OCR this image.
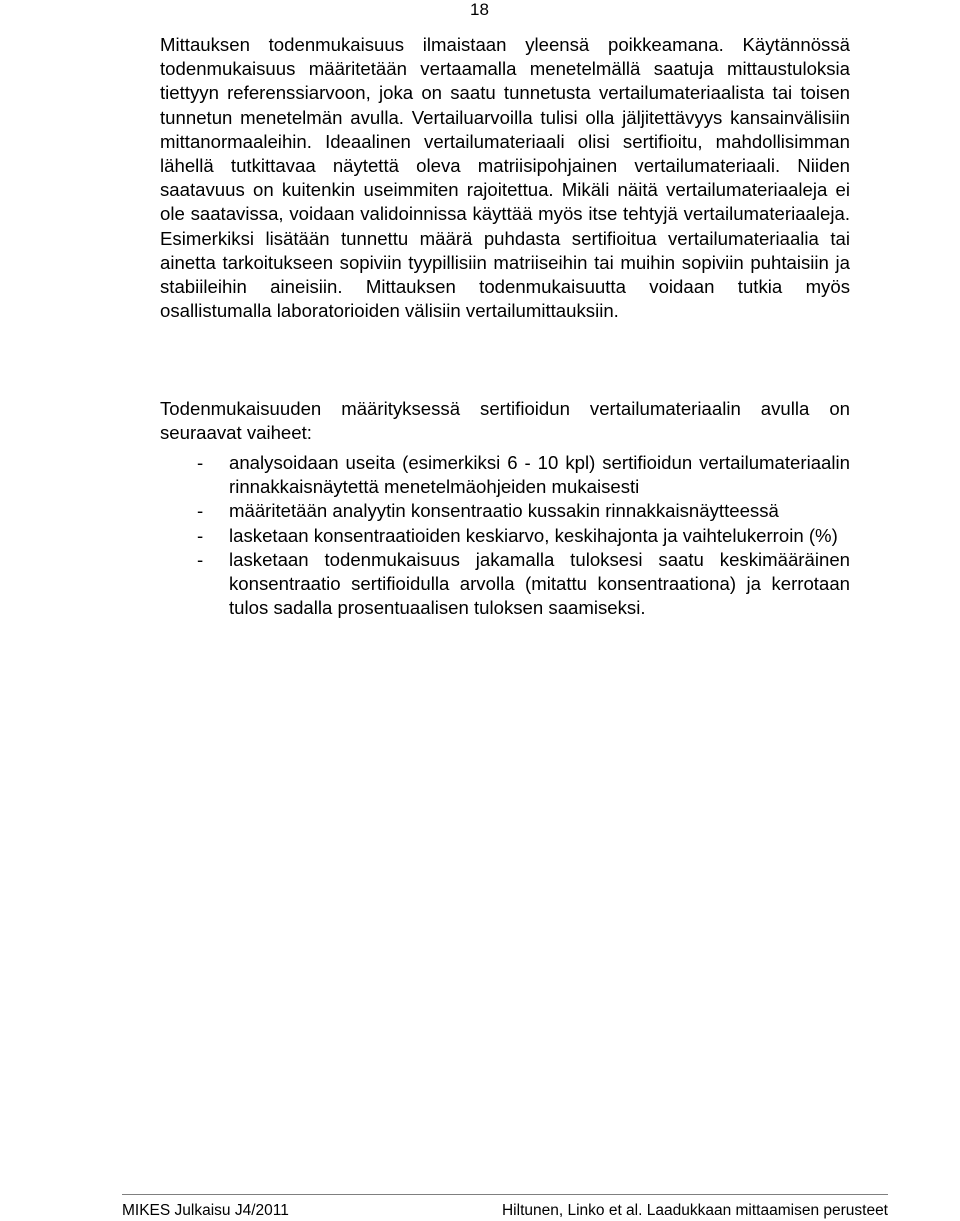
18

Mittauksen todenmukaisuus ilmaistaan yleensä poikkeamana. Käytännössä todenmukaisuus määritetään vertaamalla menetelmällä saatuja mittaustuloksia tiettyyn referenssiarvoon, joka on saatu tunnetusta vertailumateriaalista tai toisen tunnetun menetelmän avulla. Vertailuarvoilla tulisi olla jäljitettävyys kansainvälisiin mittanormaaleihin. Ideaalinen vertailumateriaali olisi sertifioitu, mahdollisimman lähellä tutkittavaa näytettä oleva matriisipohjainen vertailumateriaali. Niiden saatavuus on kuitenkin useimmiten rajoitettua. Mikäli näitä vertailumateriaaleja ei ole saatavissa, voidaan validoinnissa käyttää myös itse tehtyjä vertailumateriaaleja. Esimerkiksi lisätään tunnettu määrä puhdasta sertifioitua vertailumateriaalia tai ainetta tarkoitukseen sopiviin tyypillisiin matriiseihin tai muihin sopiviin puhtaisiin ja stabiileihin aineisiin. Mittauksen todenmukaisuutta voidaan tutkia myös osallistumalla laboratorioiden välisiin vertailumittauksiin.

Todenmukaisuuden määrityksessä sertifioidun vertailumateriaalin avulla on seuraavat vaiheet:

- analysoidaan useita (esimerkiksi 6 - 10 kpl) sertifioidun vertailumateriaalin rinnakkaisnäytettä menetelmäohjeiden mukaisesti
- määritetään analyytin konsentraatio kussakin rinnakkaisnäytteessä
- lasketaan konsentraatioiden keskiarvo, keskihajonta ja vaihtelukerroin (%)
- lasketaan todenmukaisuus jakamalla tuloksesi saatu keskimääräinen konsentraatio sertifioidulla arvolla (mitattu konsentraationa) ja kerrotaan tulos sadalla prosentuaalisen tuloksen saamiseksi.
MIKES Julkaisu J4/2011	Hiltunen, Linko et al. Laadukkaan mittaamisen perusteet
